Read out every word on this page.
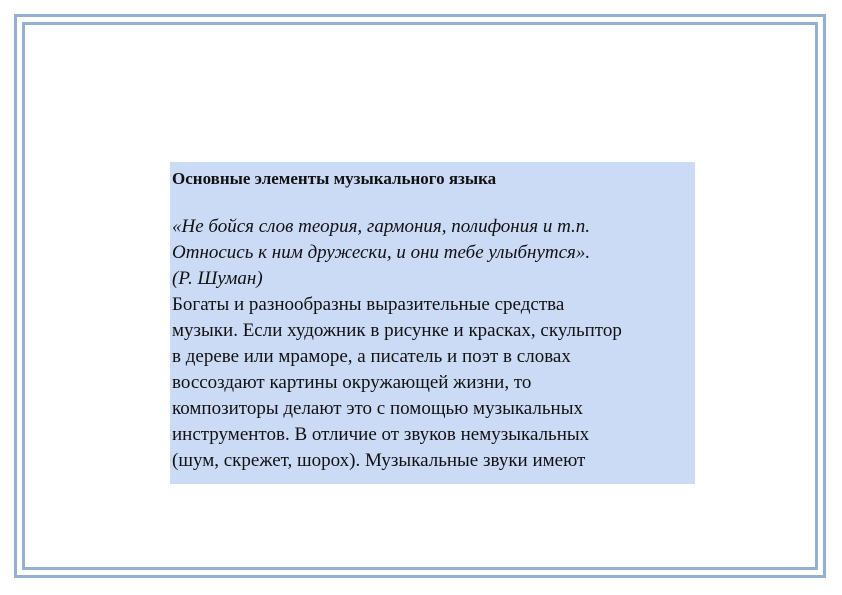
Основные элементы музыкального языка

«Не бойся слов теория, гармония, полифония и т.п.
Относись к ним дружески, и они тебе улыбнутся».
(Р. Шуман)

Богаты и разнообразны выразительные средства
музыки. Если художник в рисунке и красках, скульптор
в дереве или мраморе, а писатель и поэт в словах
воссоздают картины окружающей жизни, то
композиторы делают это с помощью музыкальных
инструментов. В отличие от звуков немузыкальных
(шум, скрежет, шорох). Музыкальные звуки имеют
